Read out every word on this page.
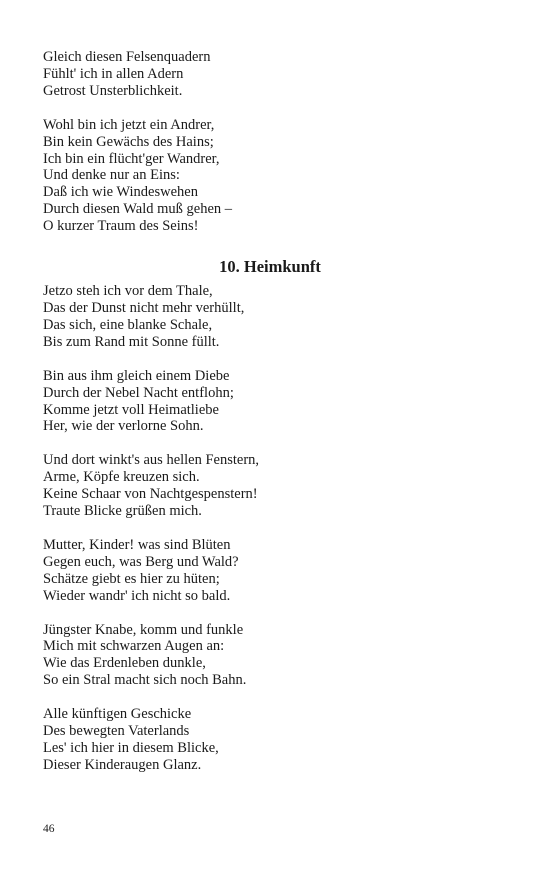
Gleich diesen Felsenquadern
Fühlt' ich in allen Adern
Getrost Unsterblichkeit.
Wohl bin ich jetzt ein Andrer,
Bin kein Gewächs des Hains;
Ich bin ein flücht'ger Wandrer,
Und denke nur an Eins:
Daß ich wie Windeswehen
Durch diesen Wald muß gehen –
O kurzer Traum des Seins!
10. Heimkunft
Jetzo steh ich vor dem Thale,
Das der Dunst nicht mehr verhüllt,
Das sich, eine blanke Schale,
Bis zum Rand mit Sonne füllt.
Bin aus ihm gleich einem Diebe
Durch der Nebel Nacht entflohn;
Komme jetzt voll Heimatliebe
Her, wie der verlorne Sohn.
Und dort winkt's aus hellen Fenstern,
Arme, Köpfe kreuzen sich.
Keine Schaar von Nachtgespenstern!
Traute Blicke grüßen mich.
Mutter, Kinder! was sind Blüten
Gegen euch, was Berg und Wald?
Schätze giebt es hier zu hüten;
Wieder wandr' ich nicht so bald.
Jüngster Knabe, komm und funkle
Mich mit schwarzen Augen an:
Wie das Erdenleben dunkle,
So ein Stral macht sich noch Bahn.
Alle künftigen Geschicke
Des bewegten Vaterlands
Les' ich hier in diesem Blicke,
Dieser Kinderaugen Glanz.
46
